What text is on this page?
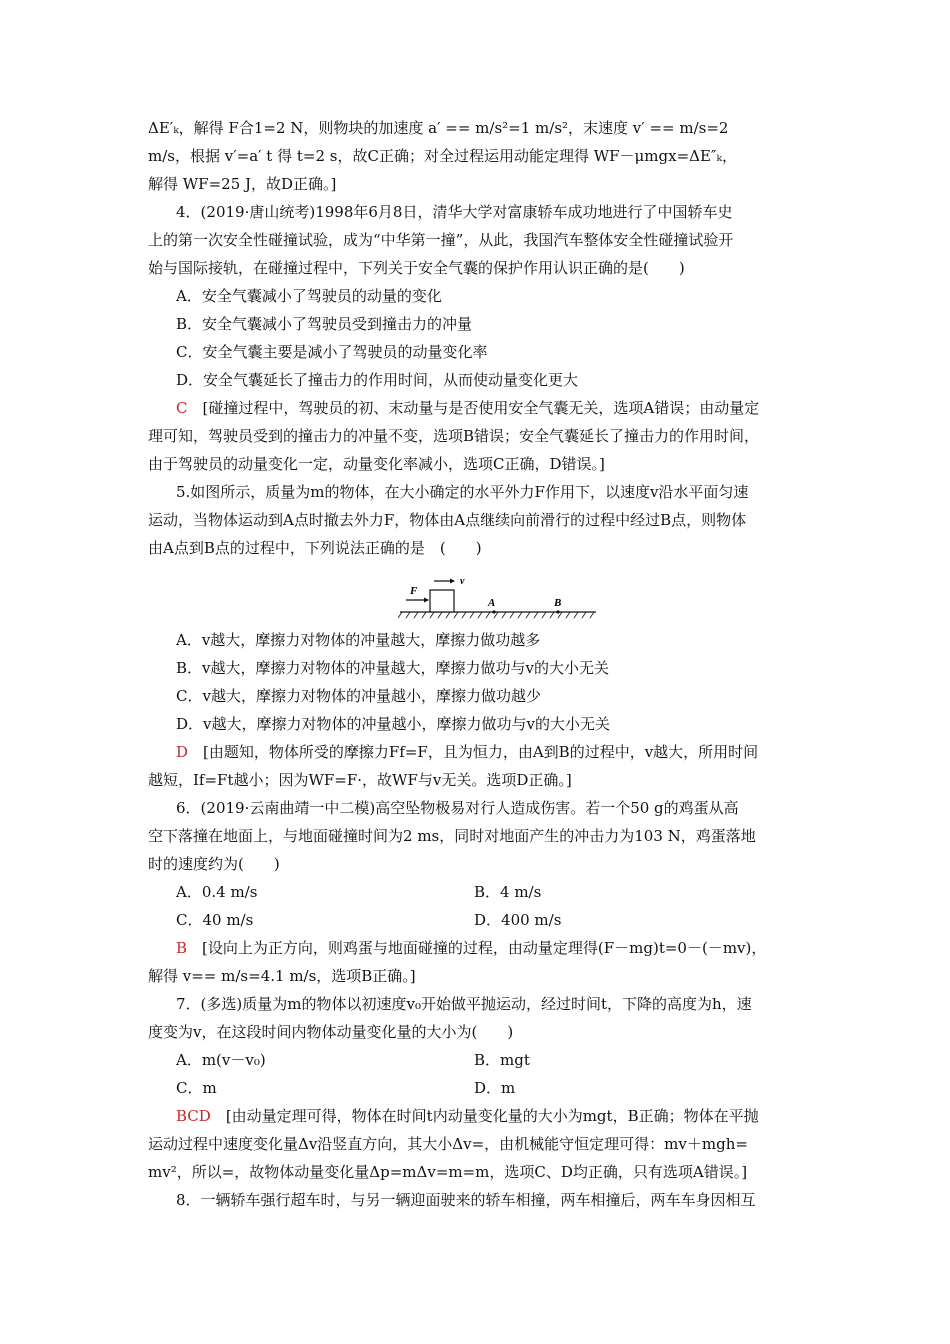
ΔE′ₖ，解得 F合1=2 N，则物块的加速度 a′ == m/s²=1 m/s²，末速度 v′ == m/s=2
m/s，根据 v′=a′ t 得 t=2 s，故C正确；对全过程运用动能定理得 WF－μmgx=ΔE″ₖ，
解得 WF=25 J，故D正确。]
4．(2019·唐山统考)1998年6月8日，清华大学对富康轿车成功地进行了中国轿车史
上的第一次安全性碰撞试验，成为“中华第一撞”，从此，我国汽车整体安全性碰撞试验开
始与国际接轨，在碰撞过程中，下列关于安全气囊的保护作用认识正确的是(　　)
A．安全气囊减小了驾驶员的动量的变化
B．安全气囊减小了驾驶员受到撞击力的冲量
C．安全气囊主要是减小了驾驶员的动量变化率
D．安全气囊延长了撞击力的作用时间，从而使动量变化更大
C　 [碰撞过程中，驾驶员的初、末动量与是否使用安全气囊无关，选项A错误；由动量定
理可知，驾驶员受到的撞击力的冲量不变，选项B错误；安全气囊延长了撞击力的作用时间，
由于驾驶员的动量变化一定，动量变化率减小，选项C正确，D错误。]
5.如图所示，质量为m的物体，在大小确定的水平外力F作用下，以速度v沿水平面匀速
运动，当物体运动到A点时撤去外力F，物体由A点继续向前滑行的过程中经过B点，则物体
由A点到B点的过程中，下列说法正确的是　(　　)
F
v
A	B
A．v越大，摩擦力对物体的冲量越大，摩擦力做功越多
B．v越大，摩擦力对物体的冲量越大，摩擦力做功与v的大小无关
C．v越大，摩擦力对物体的冲量越小，摩擦力做功越少
D．v越大，摩擦力对物体的冲量越小，摩擦力做功与v的大小无关
D　 [由题知，物体所受的摩擦力Ff=F，且为恒力，由A到B的过程中，v越大，所用时间
越短，If=Ft越小；因为WF=F·，故WF与v无关。选项D正确。]
6．(2019·云南曲靖一中二模)高空坠物极易对行人造成伤害。若一个50 g的鸡蛋从高
空下落撞在地面上，与地面碰撞时间为2 ms，同时对地面产生的冲击力为103 N，鸡蛋落地
时的速度约为(　　)
A．0.4 m/s	B．4 m/s
C．40 m/s	D．400 m/s
B　 [设向上为正方向，则鸡蛋与地面碰撞的过程，由动量定理得(F－mg)t=0－(－mv)，
解得 v== m/s=4.1 m/s，选项B正确。]
7．(多选)质量为m的物体以初速度v₀开始做平抛运动，经过时间t，下降的高度为h，速
度变为v，在这段时间内物体动量变化量的大小为(　　)
A．m(v－v₀)	B．mgt
C．m	D．m
BCD　 [由动量定理可得，物体在时间t内动量变化量的大小为mgt，B正确；物体在平抛
运动过程中速度变化量Δv沿竖直方向，其大小Δv=，由机械能守恒定理可得：mv＋mgh=
mv²，所以=，故物体动量变化量Δp=mΔv=m=m，选项C、D均正确，只有选项A错误。]
8．一辆轿车强行超车时，与另一辆迎面驶来的轿车相撞，两车相撞后，两车车身因相互
